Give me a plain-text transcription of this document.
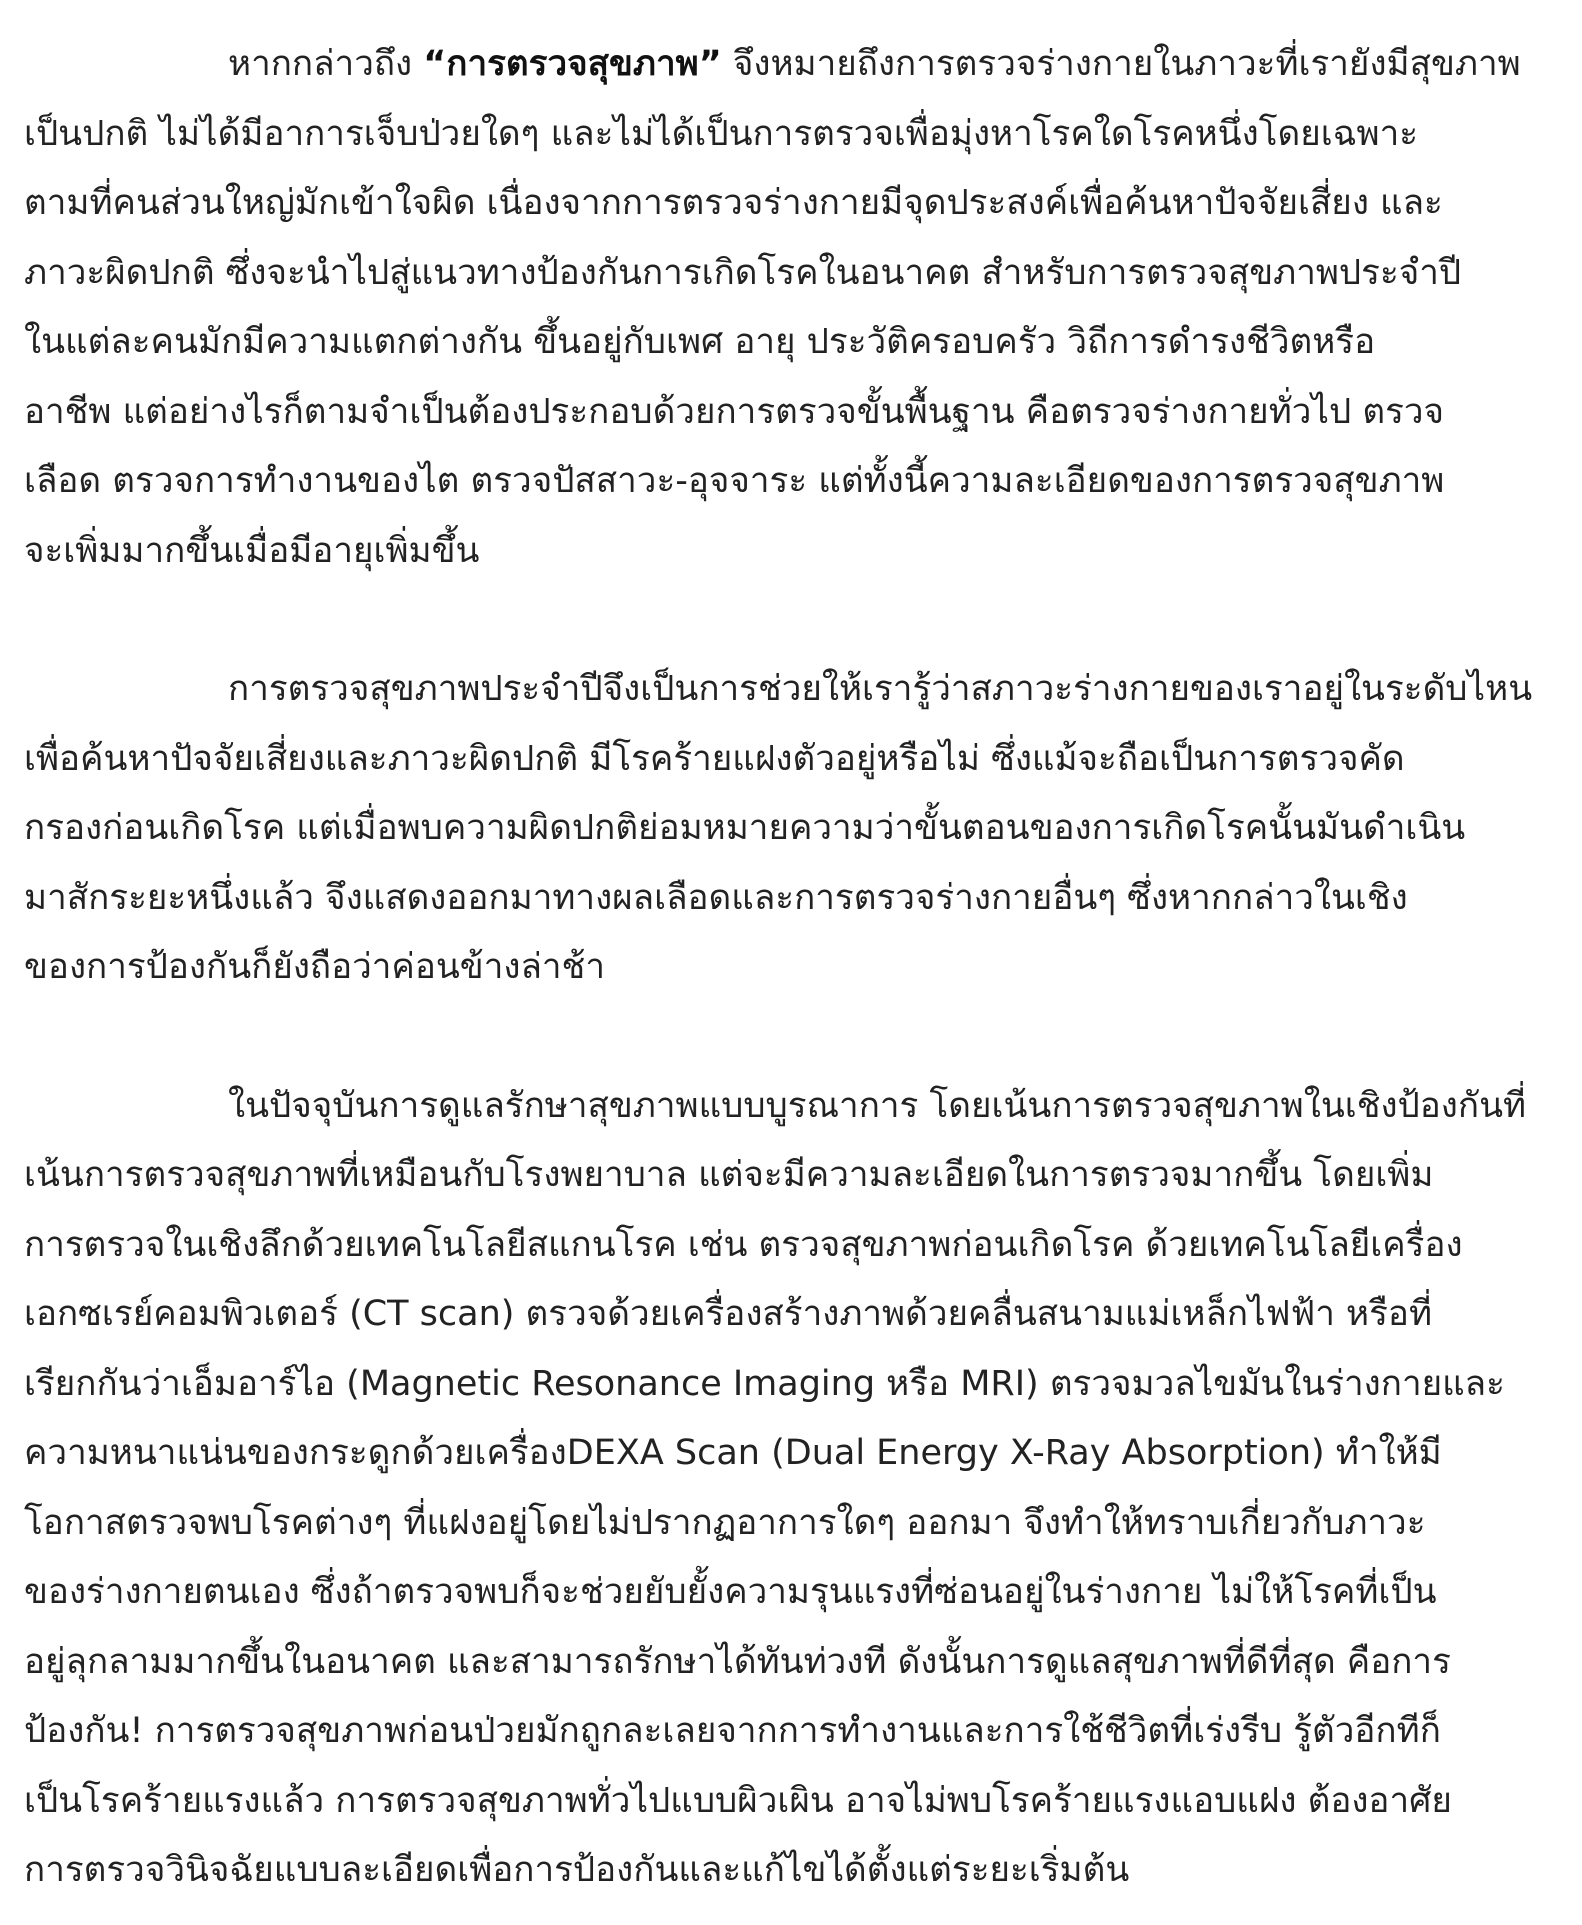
หากกล่าวถึง “การตรวจสุขภาพ” จึงหมายถึงการตรวจร่างกายในภาวะที่เรายังมีสุขภาพ
เป็นปกติ ไม่ได้มีอาการเจ็บป่วยใดๆ และไม่ได้เป็นการตรวจเพื่อมุ่งหาโรคใดโรคหนึ่งโดยเฉพาะ
ตามที่คนส่วนใหญ่มักเข้าใจผิด เนื่องจากการตรวจร่างกายมีจุดประสงค์เพื่อค้นหาปัจจัยเสี่ยง และ
ภาวะผิดปกติ ซึ่งจะนำไปสู่แนวทางป้องกันการเกิดโรคในอนาคต สำหรับการตรวจสุขภาพประจำปี
ในแต่ละคนมักมีความแตกต่างกัน ขึ้นอยู่กับเพศ อายุ ประวัติครอบครัว วิถีการดำรงชีวิตหรือ
อาชีพ แต่อย่างไรก็ตามจำเป็นต้องประกอบด้วยการตรวจขั้นพื้นฐาน คือตรวจร่างกายทั่วไป ตรวจ
เลือด ตรวจการทำงานของไต ตรวจปัสสาวะ-อุจจาระ แต่ทั้งนี้ความละเอียดของการตรวจสุขภาพ
จะเพิ่มมากขึ้นเมื่อมีอายุเพิ่มขึ้น

การตรวจสุขภาพประจำปีจึงเป็นการช่วยให้เรารู้ว่าสภาวะร่างกายของเราอยู่ในระดับไหน
เพื่อค้นหาปัจจัยเสี่ยงและภาวะผิดปกติ มีโรคร้ายแฝงตัวอยู่หรือไม่ ซึ่งแม้จะถือเป็นการตรวจคัด
กรองก่อนเกิดโรค แต่เมื่อพบความผิดปกติย่อมหมายความว่าขั้นตอนของการเกิดโรคนั้นมันดำเนิน
มาสักระยะหนึ่งแล้ว จึงแสดงออกมาทางผลเลือดและการตรวจร่างกายอื่นๆ ซึ่งหากกล่าวในเชิง
ของการป้องกันก็ยังถือว่าค่อนข้างล่าช้า

ในปัจจุบันการดูแลรักษาสุขภาพแบบบูรณาการ โดยเน้นการตรวจสุขภาพในเชิงป้องกันที่
เน้นการตรวจสุขภาพที่เหมือนกับโรงพยาบาล แต่จะมีความละเอียดในการตรวจมากขึ้น โดยเพิ่ม
การตรวจในเชิงลึกด้วยเทคโนโลยีสแกนโรค เช่น ตรวจสุขภาพก่อนเกิดโรค ด้วยเทคโนโลยีเครื่อง
เอกซเรย์คอมพิวเตอร์ (CT scan) ตรวจด้วยเครื่องสร้างภาพด้วยคลื่นสนามแม่เหล็กไฟฟ้า หรือที่
เรียกกันว่าเอ็มอาร์ไอ (Magnetic Resonance Imaging หรือ MRI) ตรวจมวลไขมันในร่างกายและ
ความหนาแน่นของกระดูกด้วยเครื่องDEXA Scan (Dual Energy X-Ray Absorption) ทำให้มี
โอกาสตรวจพบโรคต่างๆ ที่แฝงอยู่โดยไม่ปรากฏอาการใดๆ ออกมา จึงทำให้ทราบเกี่ยวกับภาวะ
ของร่างกายตนเอง ซึ่งถ้าตรวจพบก็จะช่วยยับยั้งความรุนแรงที่ซ่อนอยู่ในร่างกาย ไม่ให้โรคที่เป็น
อยู่ลุกลามมากขึ้นในอนาคต และสามารถรักษาได้ทันท่วงที ดังนั้นการดูแลสุขภาพที่ดีที่สุด คือการ
ป้องกัน! การตรวจสุขภาพก่อนป่วยมักถูกละเลยจากการทำงานและการใช้ชีวิตที่เร่งรีบ รู้ตัวอีกทีก็
เป็นโรคร้ายแรงแล้ว การตรวจสุขภาพทั่วไปแบบผิวเผิน อาจไม่พบโรคร้ายแรงแอบแฝง ต้องอาศัย
การตรวจวินิจฉัยแบบละเอียดเพื่อการป้องกันและแก้ไขได้ตั้งแต่ระยะเริ่มต้น
